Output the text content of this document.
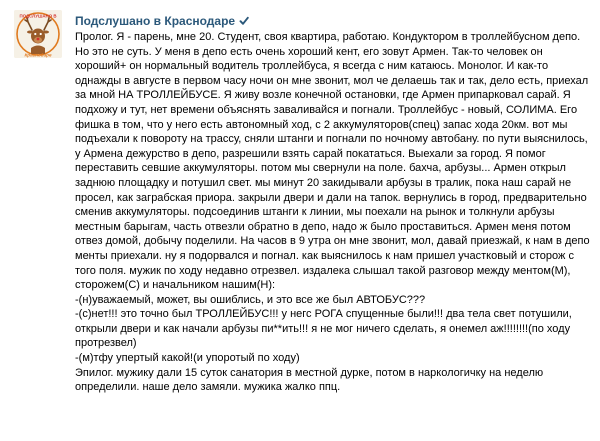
ПОДСЛУШАНО В
Краснодаре
Подслушано в Краснодаре

Пролог. Я - парень, мне 20. Студент, своя квартира, работаю. Кондуктором в троллейбусном депо. Но это не суть. У меня в депо есть очень хороший кент, его зовут Армен. Так-то человек он хороший+ он нормальный водитель троллейбуса, я всегда с ним катаюсь. Монолог. И как-то однажды в августе в первом часу ночи он мне звонит, мол че делаешь так и так, дело есть, приехал за мной НА ТРОЛЛЕЙБУСЕ. Я живу возле конечной остановки, где Армен припарковал сарай. Я подхожу и тут, нет времени объяснять заваливайся и погнали. Троллейбус - новый, СОЛИМА. Его фишка в том, что у него есть автономный ход, с 2 аккумуляторов(спец) запас хода 20км. вот мы подъехали к повороту на трассу, сняли штанги и погнали по ночному автобану. по пути выяснилось, у Армена дежурство в депо, разрешили взять сарай покататься. Выехали за город. Я помог переставить севшие аккумуляторы. потом мы свернули на поле. бахча, арбузы... Армен открыл заднюю площадку и потушил свет. мы минут 20 закидывали арбузы в тралик, пока наш сарай не просел, как заграбская приора. закрыли двери и дали на тапок. вернулись в город, предварительно сменив аккумуляторы. подсоединив штанги к линии, мы поехали на рынок и толкнули арбузы местным барыгам, часть отвезли обратно в депо, надо ж было проставиться. Армен меня потом отвез домой, добычу поделили. На часов в 9 утра он мне звонит, мол, давай приезжай, к нам в депо менты приехали. ну я подорвался и погнал. как выяснилось к нам пришел участковый и сторож с того поля. мужик по ходу недавно отрезвел. издалека слышал такой разговор между ментом(М), сторожем(С) и начальником нашим(Н):

-(н)уважаемый, может, вы ошиблись, и это все же был АВТОБУС???

-(с)нет!!! это точно был ТРОЛЛЕЙБУС!!! у негс РОГА спущенные были!!! два тела свет потушили, открыли двери и как начали арбузы пи**ить!!! я не мог ничего сделать, я онемел аж!!!!!!!!(по ходу протрезвел)

-(м)тфу упертый какой!(и упоротый по ходу)

Эпилог. мужику дали 15 суток санатория в местной дурке, потом в наркологичку на неделю определили. наше дело замяли. мужика жалко ппц.
